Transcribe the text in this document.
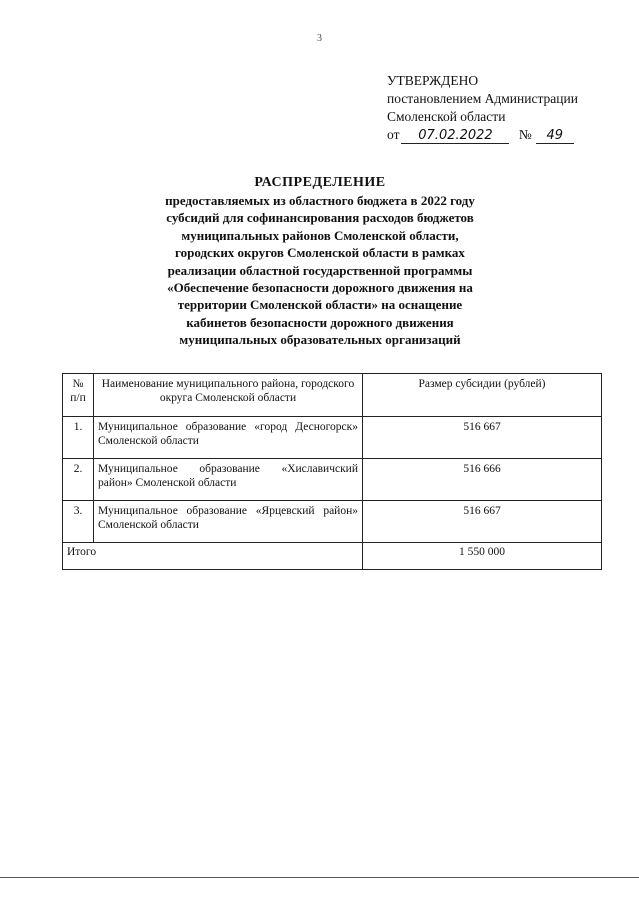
3
УТВЕРЖДЕНО
постановлением Администрации
Смоленской области
от 07.02.2022 № 49
РАСПРЕДЕЛЕНИЕ
предоставляемых из областного бюджета в 2022 году
субсидий для софинансирования расходов бюджетов
муниципальных районов Смоленской области,
городских округов Смоленской области в рамках
реализации областной государственной программы
«Обеспечение безопасности дорожного движения на
территории Смоленской области» на оснащение
кабинетов безопасности дорожного движения
муниципальных образовательных организаций
№ п/п	Наименование муниципального района, городского округа Смоленской области	Размер субсидии (рублей)
1.	Муниципальное образование «город Десногорск» Смоленской области	516 667
2.	Муниципальное образование «Хиславичский район» Смоленской области	516 666
3.	Муниципальное образование «Ярцевский район» Смоленской области	516 667
Итого		1 550 000
